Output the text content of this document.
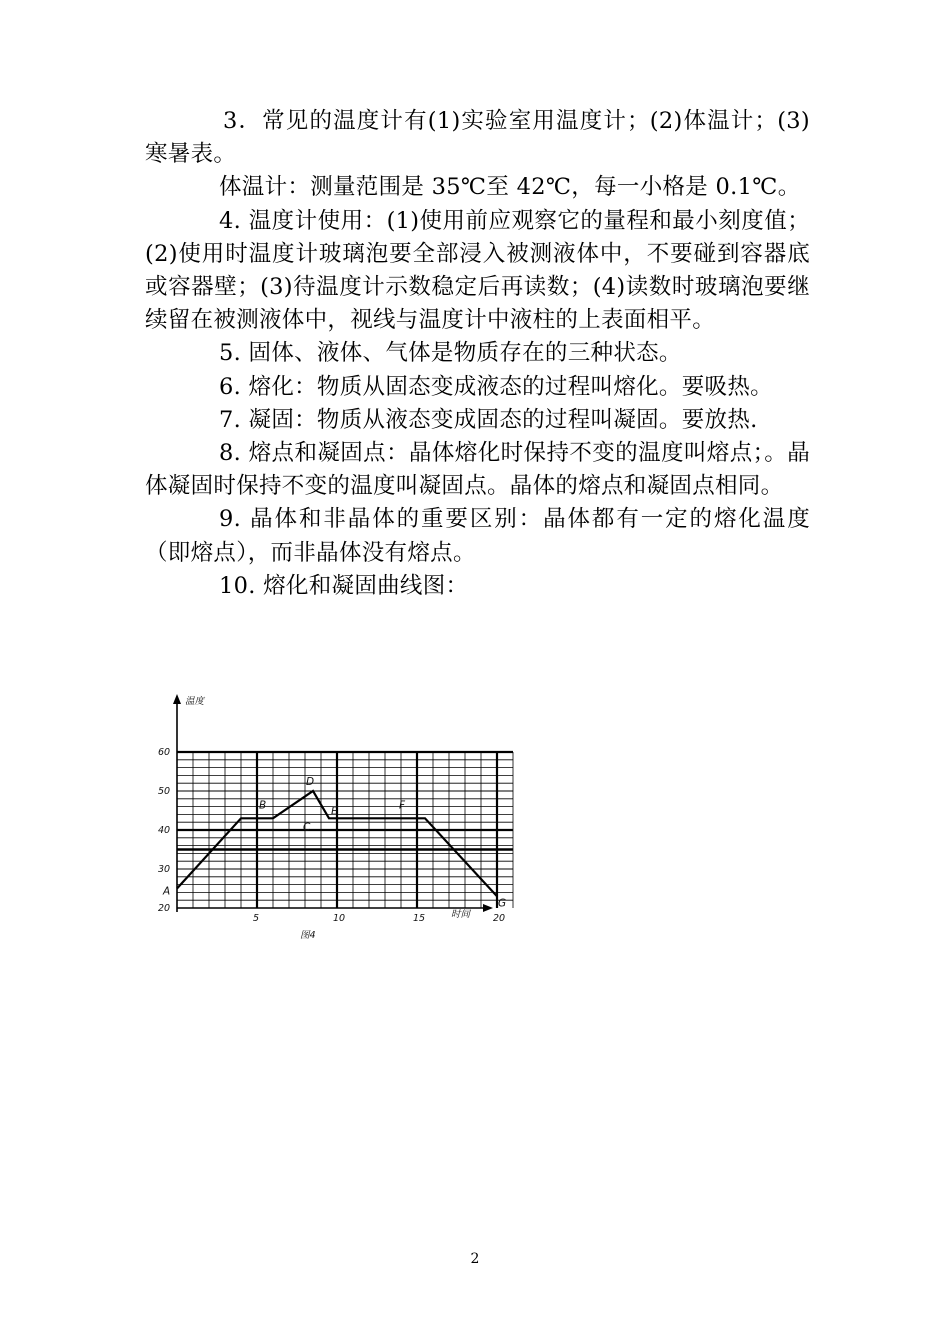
3．常见的温度计有(1)实验室用温度计；(2)体温计；(3)寒暑表。

体温计：测量范围是 35℃至 42℃，每一小格是 0.1℃。

4. 温度计使用：(1)使用前应观察它的量程和最小刻度值；(2)使用时温度计玻璃泡要全部浸入被测液体中，不要碰到容器底或容器壁；(3)待温度计示数稳定后再读数；(4)读数时玻璃泡要继续留在被测液体中，视线与温度计中液柱的上表面相平。

5. 固体、液体、气体是物质存在的三种状态。

6. 熔化：物质从固态变成液态的过程叫熔化。要吸热。

7. 凝固：物质从液态变成固态的过程叫凝固。要放热.

8. 熔点和凝固点：晶体熔化时保持不变的温度叫熔点；。晶体凝固时保持不变的温度叫凝固点。晶体的熔点和凝固点相同。

9. 晶体和非晶体的重要区别：晶体都有一定的熔化温度（即熔点），而非晶体没有熔点。

10. 熔化和凝固曲线图：

温度
时间
5	10	15	20
20
30
40
50
60
A
B
C
D
E	F
G
图4
2
